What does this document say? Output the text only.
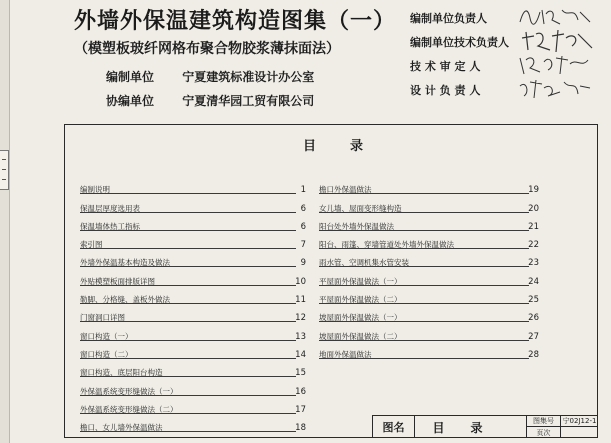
外墙外保温建筑构造图集（一）
（模塑板玻纤网格布聚合物胶浆薄抹面法）
编制单位 宁夏建筑标准设计办公室
协编单位 宁夏清华园工贸有限公司
编制单位负责人
编制单位技术负责人
技 术 审 定 人
设 计 负 责 人
目录
编制说明	1
保温层厚度选用表	6
保温墙体热工指标	6
索引图	7
外墙外保温基本构造及做法	9
外贴模塑板面排版详图	10
勒脚、分格缝、盖板外做法	11
门窗洞口详图	12
窗口构造（一）	13
窗口构造（二）	14
窗口构造、底层阳台构造	15
外保温系统变形缝做法（一）	16
外保温系统变形缝做法（二）	17
檐口、女儿墙外保温做法	18
檐口外保温做法	19
女儿墙、屋面变形缝构造	20
阳台处外墙外保温做法	21
阳台、雨篷、穿墙管道处外墙外保温做法	22
雨水管、空调机集水管安装	23
平屋面外保温做法（一）	24
平屋面外保温做法（二）	25
坡屋面外保温做法（一）	26
坡屋面外保温做法（二）	27
地面外保温做法	28
图名	目录	图集号	宁02J12-1
页次
